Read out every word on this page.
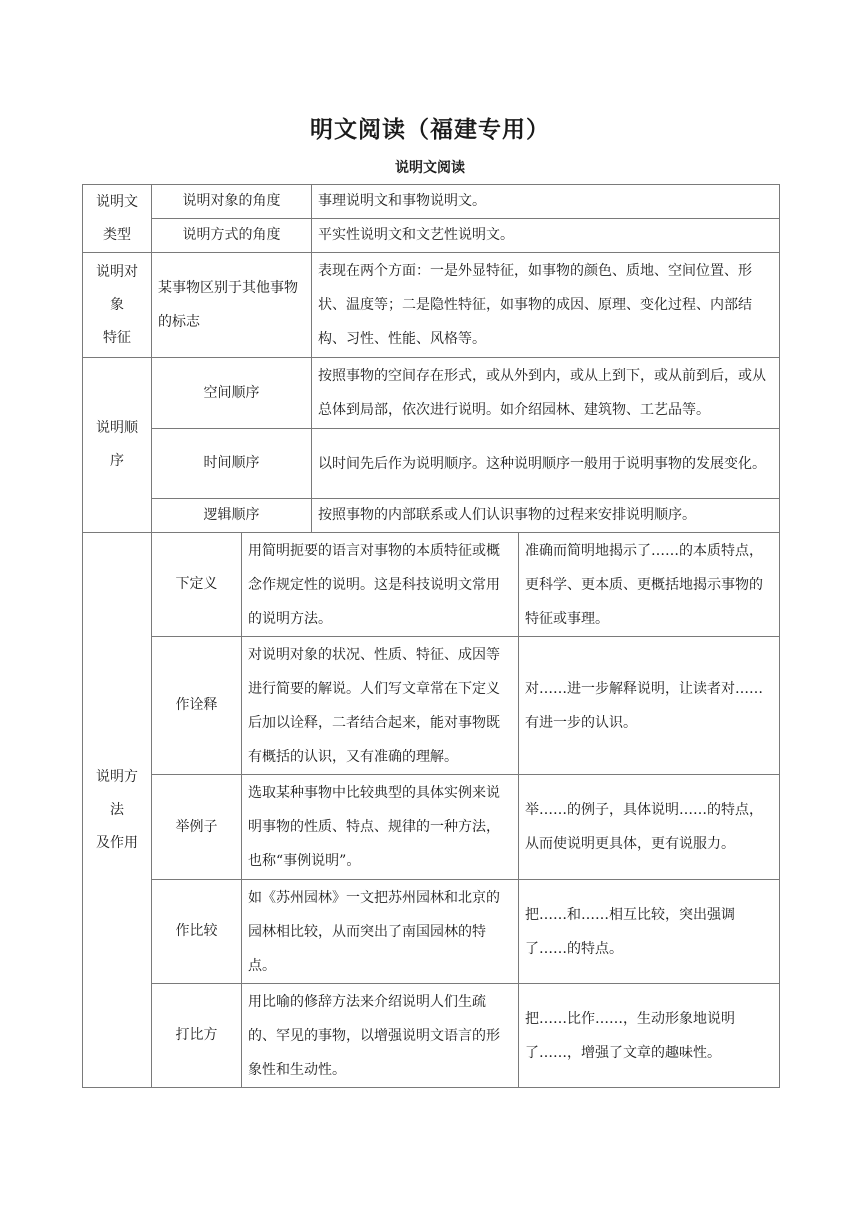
明文阅读（福建专用）
说明文阅读
说明文
类型	说明对象的角度		事理说明文和事物说明文。	
	说明方式的角度		平实性说明文和文艺性说明文。	

说明对
象
特征	某事物区别于其他事物的标志		表现在两个方面：一是外显特征，如事物的颜色、质地、空间位置、形状、温度等；二是隐性特征，如事物的成因、原理、变化过程、内部结构、习性、性能、风格等。	

说明顺
序	空间顺序		按照事物的空间存在形式，或从外到内，或从上到下，或从前到后，或从总体到局部，依次进行说明。如介绍园林、建筑物、工艺品等。	
	时间顺序		以时间先后作为说明顺序。这种说明顺序一般用于说明事物的发展变化。	
	逻辑顺序		按照事物的内部联系或人们认识事物的过程来安排说明顺序。	

说明方
法
及作用	下定义	用简明扼要的语言对事物的本质特征或概念作规定性的说明。这是科技说明文常用的说明方法。		准确而简明地揭示了……的本质特点，更科学、更本质、更概括地揭示事物的特征或事理。
	作诠释	对说明对象的状况、性质、特征、成因等进行简要的解说。人们写文章常在下定义后加以诠释，二者结合起来，能对事物既有概括的认识，又有准确的理解。		对……进一步解释说明，让读者对……有进一步的认识。
	举例子	选取某种事物中比较典型的具体实例来说明事物的性质、特点、规律的一种方法，也称“事例说明”。		举……的例子，具体说明……的特点，从而使说明更具体，更有说服力。
	作比较	如《苏州园林》一文把苏州园林和北京的园林相比较，从而突出了南国园林的特点。		把……和……相互比较，突出强调了……的特点。
	打比方	用比喻的修辞方法来介绍说明人们生疏的、罕见的事物，以增强说明文语言的形象性和生动性。		把……比作……，生动形象地说明了……，增强了文章的趣味性。
